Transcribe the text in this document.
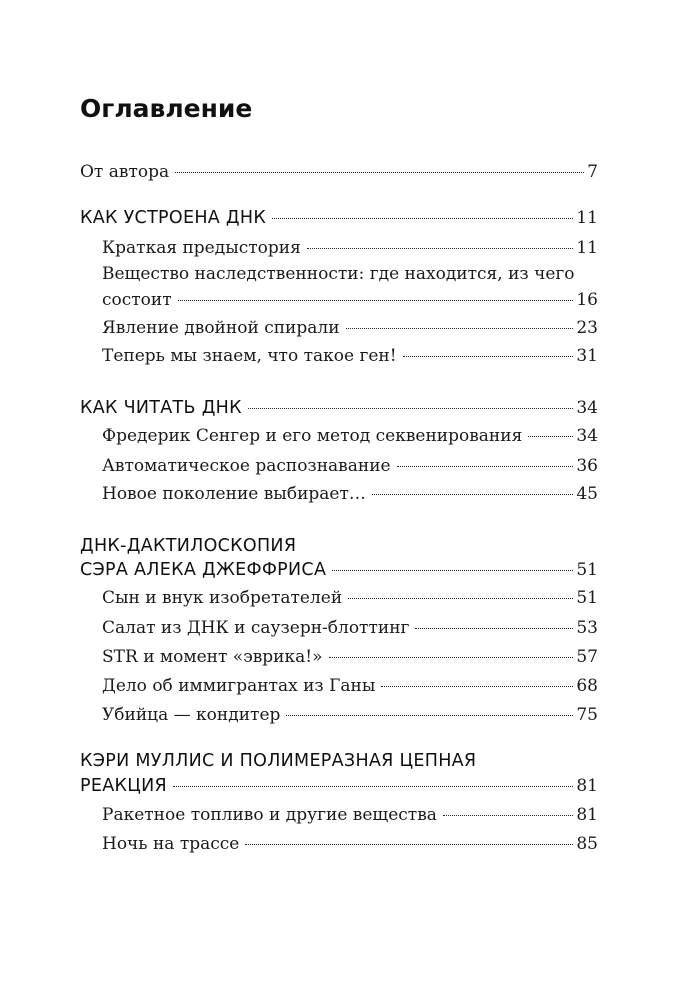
Оглавление
От автора	7
КАК УСТРОЕНА ДНК	11
Краткая предыстория	11
Вещество наследственности: где находится, из чего
состоит	16
Явление двойной спирали	23
Теперь мы знаем, что такое ген!	31
КАК ЧИТАТЬ ДНК	34
Фредерик Сенгер и его метод секвенирования	34
Автоматическое распознавание	36
Новое поколение выбирает…	45
ДНК-ДАКТИЛОСКОПИЯ
СЭРА АЛЕКА ДЖЕФФРИСА	51
Сын и внук изобретателей	51
Салат из ДНК и саузерн-блоттинг	53
STR и момент «эврика!»	57
Дело об иммигрантах из Ганы	68
Убийца — кондитер	75
КЭРИ МУЛЛИС И ПОЛИМЕРАЗНАЯ ЦЕПНАЯ
РЕАКЦИЯ	81
Ракетное топливо и другие вещества	81
Ночь на трассе	85
